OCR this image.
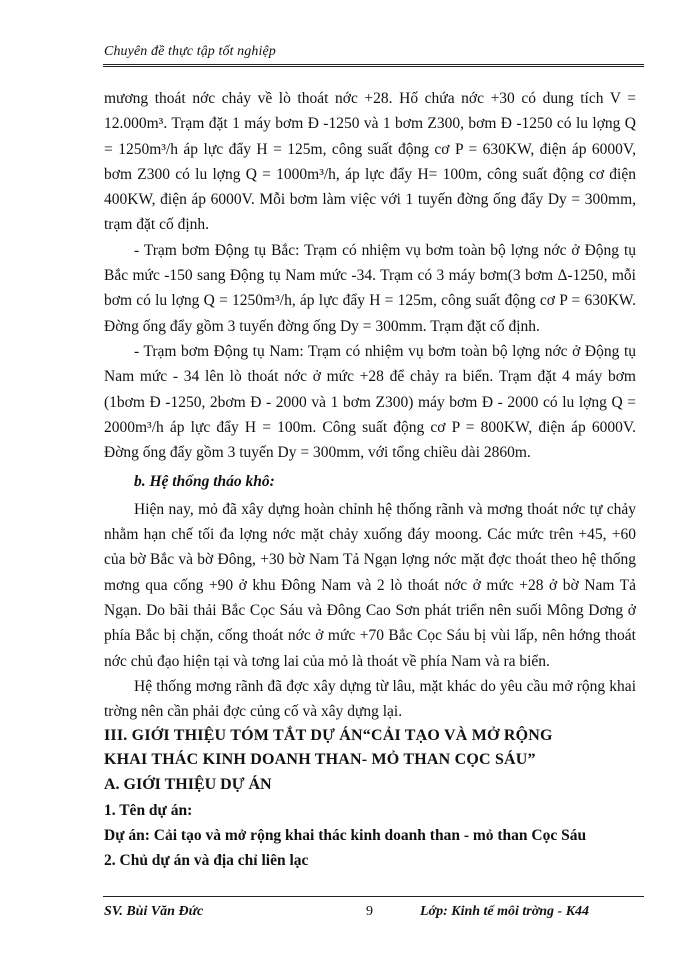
Chuyên đề thực tập tốt nghiệp

mương thoát nớc chảy về lò thoát nớc +28. Hố chứa nớc +30 có dung tích V = 12.000m³. Trạm đặt 1 máy bơm Đ -1250 và 1 bơm Z300, bơm Đ -1250 có lu lợng Q = 1250m³/h áp lực đẩy H = 125m, công suất động cơ P = 630KW, điện áp 6000V, bơm Z300 có lu lợng Q = 1000m³/h, áp lực đẩy H= 100m, công suất động cơ điện 400KW, điện áp 6000V. Mỗi bơm làm việc với 1 tuyến đờng ống đẩy Dy = 300mm, trạm đặt cố định.

- Trạm bơm Động tụ Bắc: Trạm có nhiệm vụ bơm toàn bộ lợng nớc ở Động tụ Bắc mức -150 sang Động tụ Nam mức -34. Trạm có 3 máy bơm(3 bơm Δ-1250, mỗi bơm có lu lợng Q = 1250m³/h, áp lực đẩy H = 125m, công suất động cơ P = 630KW. Đờng ống đẩy gồm 3 tuyến đờng ống Dy = 300mm. Trạm đặt cố định.

- Trạm bơm Động tụ Nam: Trạm có nhiệm vụ bơm toàn bộ lợng nớc ở Động tụ Nam mức - 34 lên lò thoát nớc ở mức +28 để chảy ra biển. Trạm đặt 4 máy bơm (1bơm Đ -1250, 2bơm Đ - 2000 và 1 bơm Z300) máy bơm Đ - 2000 có lu lợng Q = 2000m³/h áp lực đẩy H = 100m. Công suất động cơ P = 800KW, điện áp 6000V. Đờng ống đẩy gồm 3 tuyến Dy = 300mm, với tổng chiều dài 2860m.

b. Hệ thống tháo khô:

Hiện nay, mỏ đã xây dựng hoàn chỉnh hệ thống rãnh và mơng thoát nớc tự chảy nhằm hạn chế tối đa lợng nớc mặt chảy xuống đáy moong. Các mức trên +45, +60 của bờ Bắc và bờ Đông, +30 bờ Nam Tả Ngạn lợng nớc mặt đợc thoát theo hệ thống mơng qua cống +90 ở khu Đông Nam và 2 lò thoát nớc ở mức +28 ở bờ Nam Tả Ngạn. Do bãi thải Bắc Cọc Sáu và Đông Cao Sơn phát triển nên suối Mông Dơng ở phía Bắc bị chặn, cống thoát nớc ở mức +70 Bắc Cọc Sáu bị vùi lấp, nên hớng thoát nớc chủ đạo hiện tại và tơng lai của mỏ là thoát về phía Nam và ra biển.

Hệ thống mơng rãnh đã đợc xây dựng từ lâu, mặt khác do yêu cầu mở rộng khai trờng nên cần phải đợc củng cố và xây dựng lại.

III. GIỚI THIỆU TÓM TẮT DỰ ÁN“CẢI TẠO VÀ MỞ RỘNG

KHAI THÁC KINH DOANH THAN- MỎ THAN CỌC SÁU”

A. GIỚI THIỆU DỰ ÁN

1. Tên dự án:

Dự án: Cải tạo và mở rộng khai thác kinh doanh than - mỏ than Cọc Sáu

2. Chủ dự án và địa chỉ liên lạc

SV. Bùi Văn Đức	9	Lớp: Kinh tế môi trờng - K44
